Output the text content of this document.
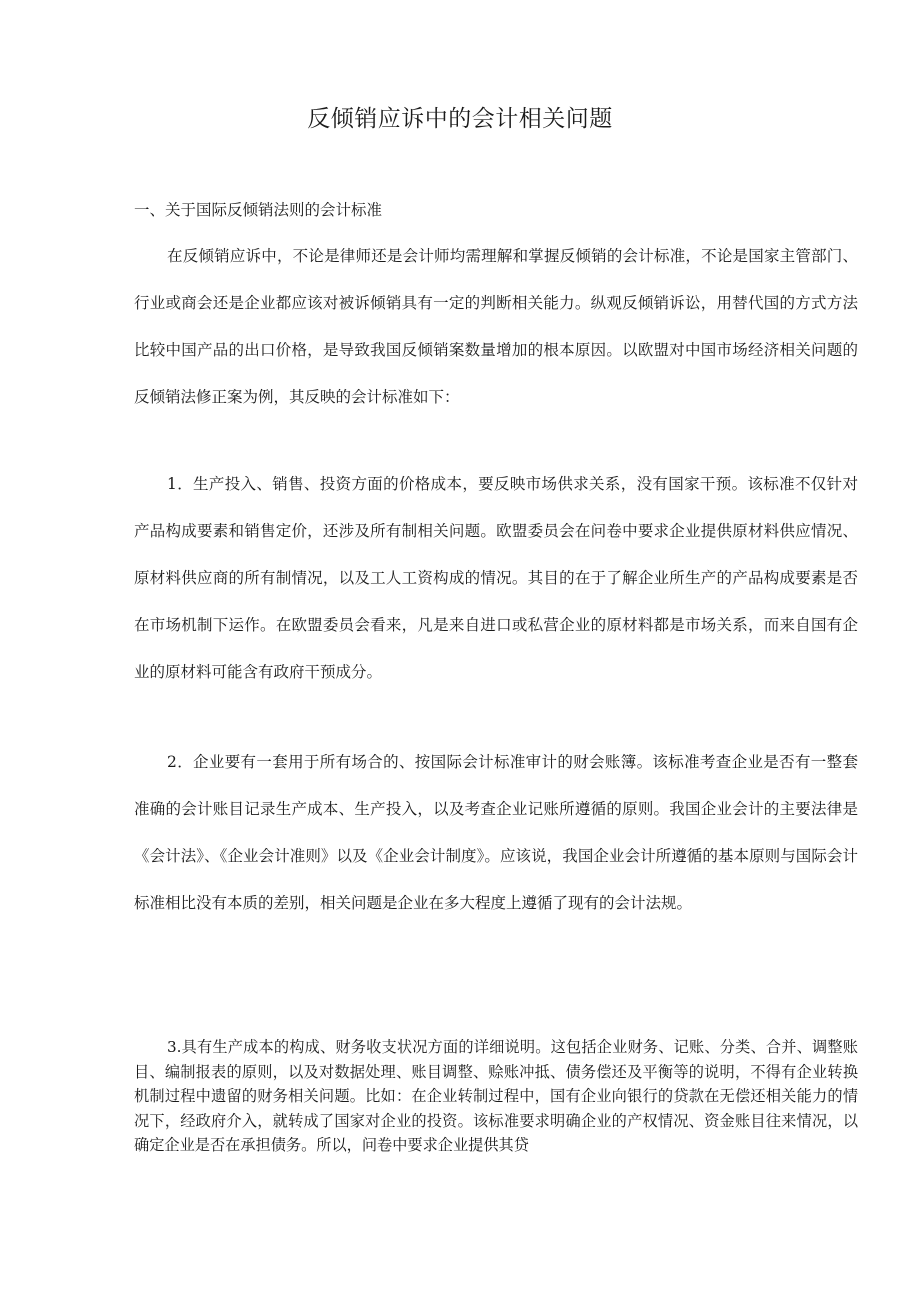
反倾销应诉中的会计相关问题
一、关于国际反倾销法则的会计标准

在反倾销应诉中，不论是律师还是会计师均需理解和掌握反倾销的会计标准，不论是国家主管部门、行业或商会还是企业都应该对被诉倾销具有一定的判断相关能力。纵观反倾销诉讼，用替代国的方式方法比较中国产品的出口价格，是导致我国反倾销案数量增加的根本原因。以欧盟对中国市场经济相关问题的反倾销法修正案为例，其反映的会计标准如下：

1．生产投入、销售、投资方面的价格成本，要反映市场供求关系，没有国家干预。该标准不仅针对产品构成要素和销售定价，还涉及所有制相关问题。欧盟委员会在问卷中要求企业提供原材料供应情况、原材料供应商的所有制情况，以及工人工资构成的情况。其目的在于了解企业所生产的产品构成要素是否在市场机制下运作。在欧盟委员会看来，凡是来自进口或私营企业的原材料都是市场关系，而来自国有企业的原材料可能含有政府干预成分。

2．企业要有一套用于所有场合的、按国际会计标准审计的财会账簿。该标准考查企业是否有一整套准确的会计账目记录生产成本、生产投入，以及考查企业记账所遵循的原则。我国企业会计的主要法律是《会计法》、《企业会计准则》以及《企业会计制度》。应该说，我国企业会计所遵循的基本原则与国际会计标准相比没有本质的差别，相关问题是企业在多大程度上遵循了现有的会计法规。

3.具有生产成本的构成、财务收支状况方面的详细说明。这包括企业财务、记账、分类、合并、调整账目、编制报表的原则，以及对数据处理、账目调整、赊账冲抵、债务偿还及平衡等的说明，不得有企业转换机制过程中遗留的财务相关问题。比如：在企业转制过程中，国有企业向银行的贷款在无偿还相关能力的情况下，经政府介入，就转成了国家对企业的投资。该标准要求明确企业的产权情况、资金账目往来情况，以确定企业是否在承担债务。所以，问卷中要求企业提供其贷
